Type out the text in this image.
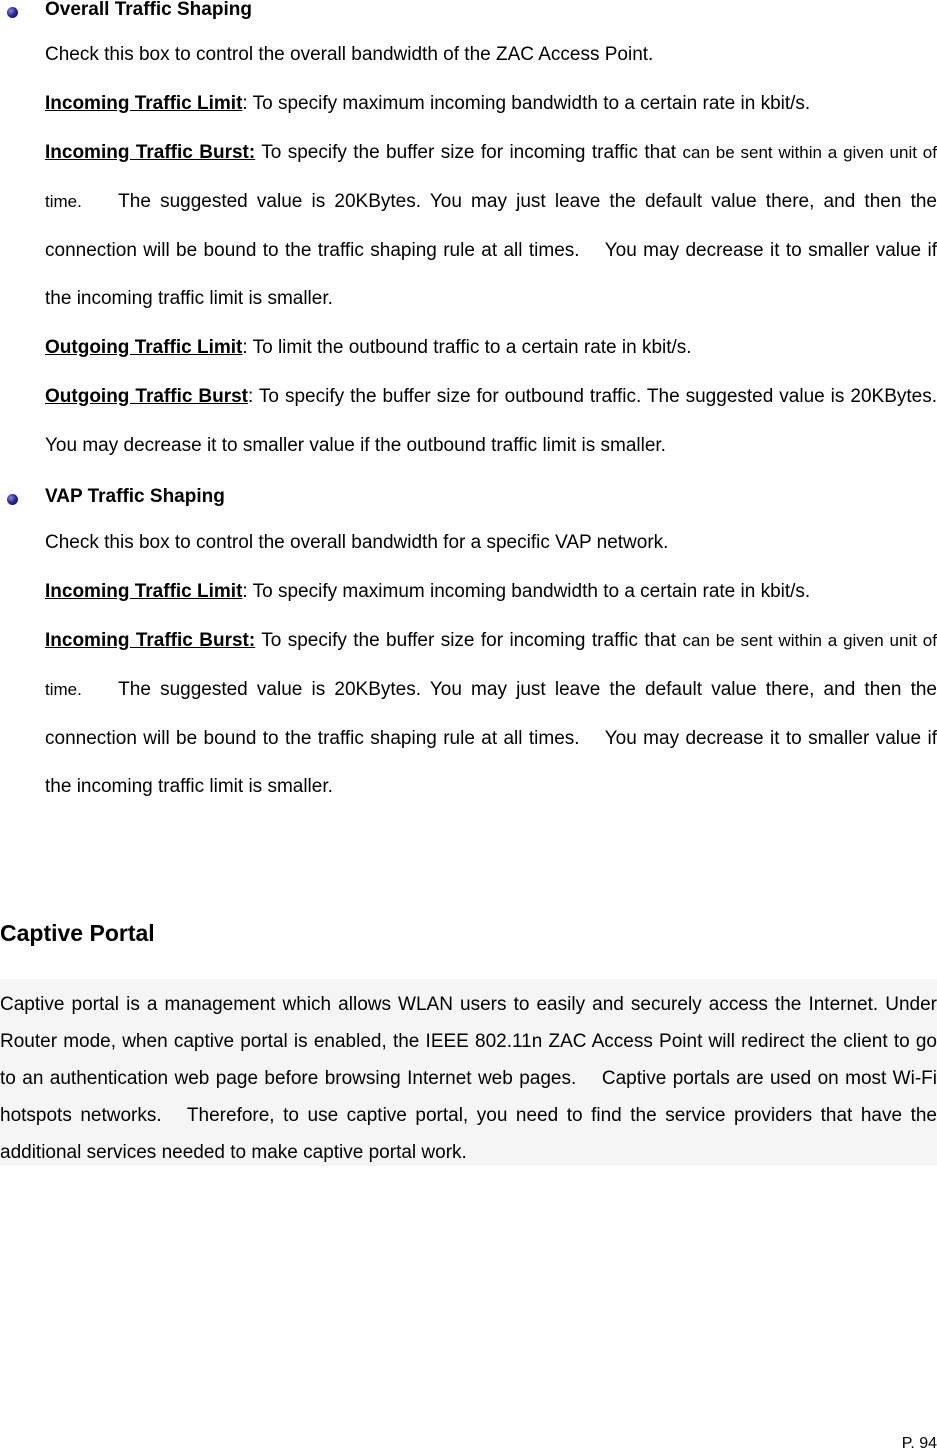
Overall Traffic Shaping
Check this box to control the overall bandwidth of the ZAC Access Point.
Incoming Traffic Limit: To specify maximum incoming bandwidth to a certain rate in kbit/s.
Incoming Traffic Burst: To specify the buffer size for incoming traffic that can be sent within a given unit of time.    The suggested value is 20KBytes. You may just leave the default value there, and then the connection will be bound to the traffic shaping rule at all times.    You may decrease it to smaller value if the incoming traffic limit is smaller.
Outgoing Traffic Limit: To limit the outbound traffic to a certain rate in kbit/s.
Outgoing Traffic Burst: To specify the buffer size for outbound traffic. The suggested value is 20KBytes. You may decrease it to smaller value if the outbound traffic limit is smaller.
VAP Traffic Shaping
Check this box to control the overall bandwidth for a specific VAP network.
Incoming Traffic Limit: To specify maximum incoming bandwidth to a certain rate in kbit/s.
Incoming Traffic Burst: To specify the buffer size for incoming traffic that can be sent within a given unit of time.    The suggested value is 20KBytes. You may just leave the default value there, and then the connection will be bound to the traffic shaping rule at all times.    You may decrease it to smaller value if the incoming traffic limit is smaller.
Captive Portal
Captive portal is a management which allows WLAN users to easily and securely access the Internet. Under Router mode, when captive portal is enabled, the IEEE 802.11n ZAC Access Point will redirect the client to go to an authentication web page before browsing Internet web pages.    Captive portals are used on most Wi-Fi hotspots networks.   Therefore, to use captive portal, you need to find the service providers that have the additional services needed to make captive portal work.
P. 94
